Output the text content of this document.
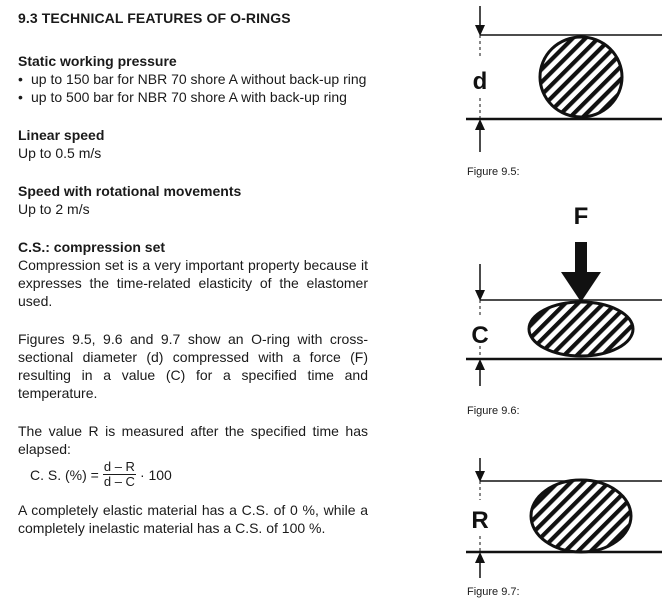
9.3 TECHNICAL FEATURES OF O-RINGS
Static working pressure
• up to 150 bar for NBR 70 shore A without back-up ring
• up to 500 bar for NBR 70 shore A with back-up ring
Linear speed

Up to 0.5 m/s

Speed with rotational movements

Up to 2 m/s

C.S.: compression set

Compression set is a very important property because it expresses the time-related elasticity of the elastomer used.

Figures 9.5, 9.6 and 9.7 show an O-ring with cross-sectional diameter (d) compressed with a force (F) resulting in a value (C) for a specified time and temperature.

The value R is measured after the specified time has elapsed:

C. S. (%) = $\frac{d - R}{d - C} \cdot 100$

A completely elastic material has a C.S. of 0 %, while a completely inelastic material has a C.S. of 100 %.

d
Figure 9.5:
F
C
Figure 9.6:
R
Figure 9.7:
